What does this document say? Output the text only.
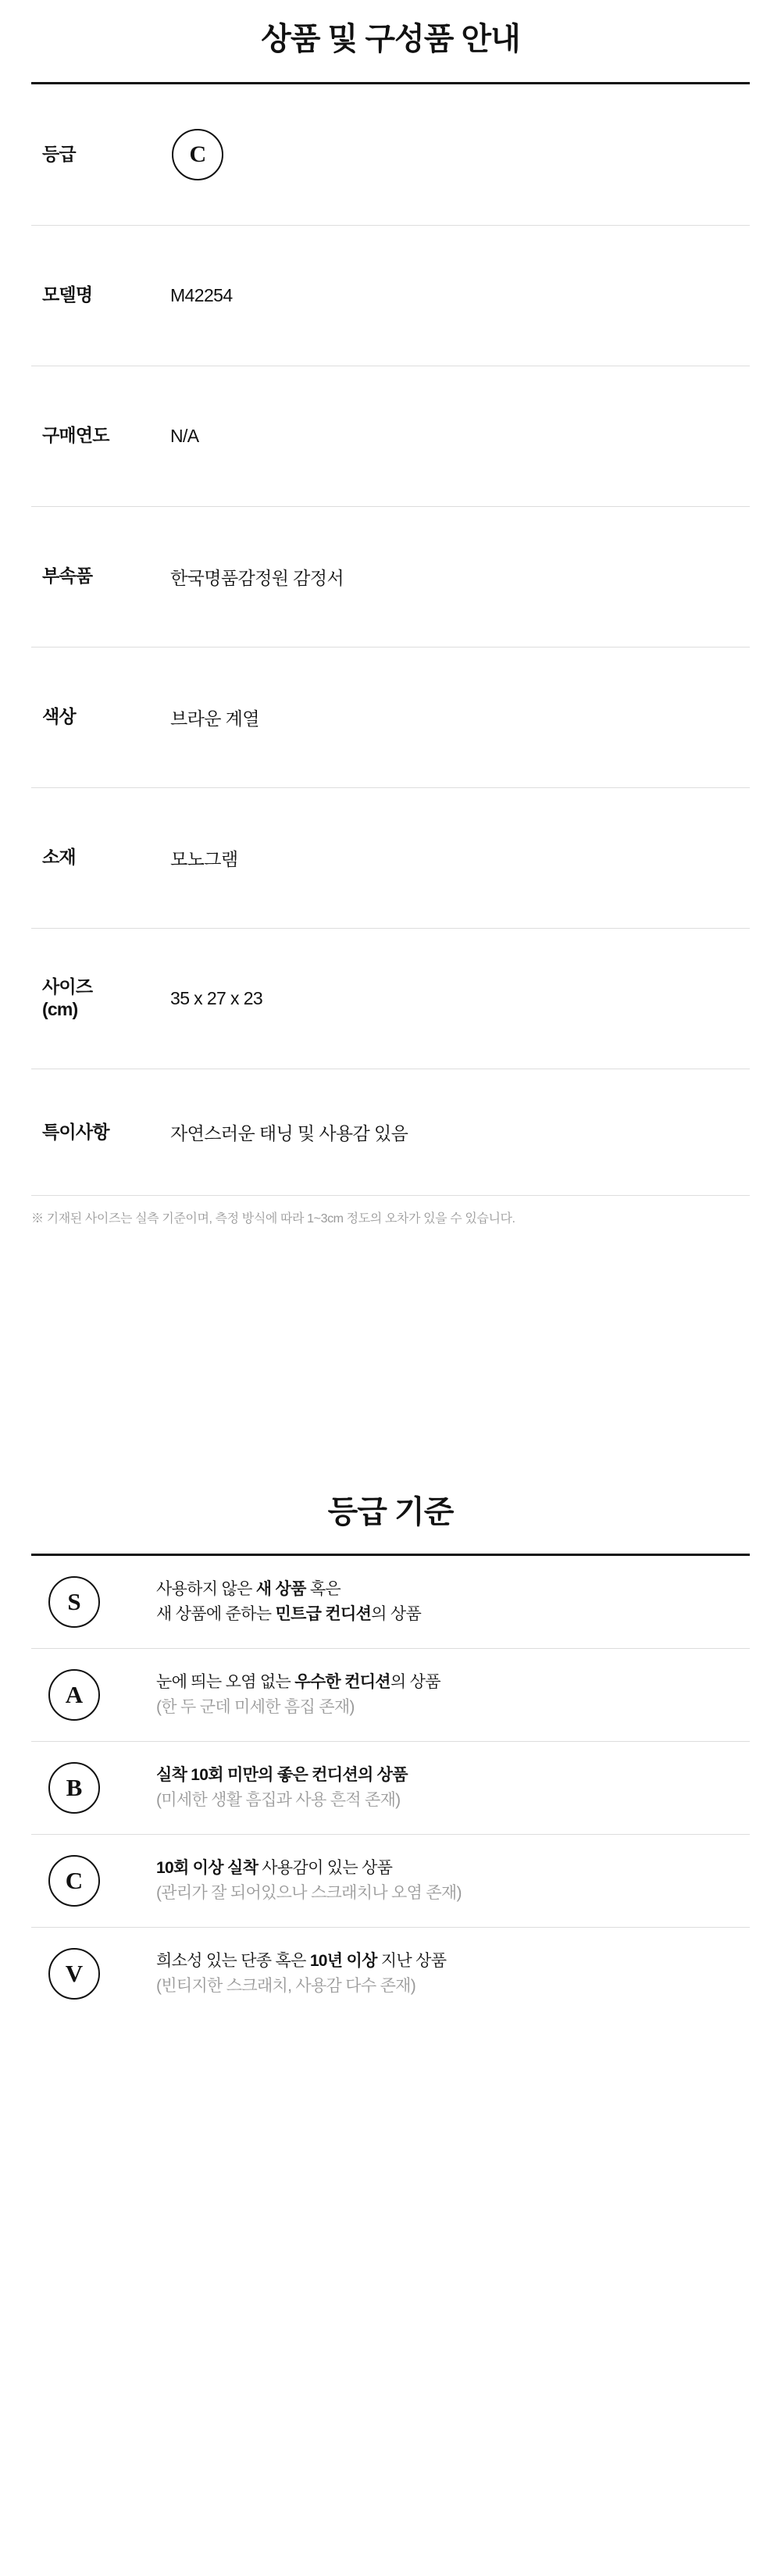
상품 및 구성품 안내
등급	C

모델명	M42254
구매연도	N/A
부속품	한국명품감정원 감정서
색상	브라운 계열
소재	모노그램

사이즈
(cm)	35 x 27 x 23
특이사항	자연스러운 태닝 및 사용감 있음
※ 기재된 사이즈는 실측 기준이며, 측정 방식에 따라 1~3cm 정도의 오차가 있을 수 있습니다.
등급 기준
S	사용하지 않은 새 상품 혹은
새 상품에 준하는 민트급 컨디션의 상품

A	눈에 띄는 오염 없는 우수한 컨디션의 상품
(한 두 군데 미세한 흠집 존재)

B	실착 10회 미만의 좋은 컨디션의 상품
(미세한 생활 흠집과 사용 흔적 존재)

C	10회 이상 실착 사용감이 있는 상품
(관리가 잘 되어있으나 스크래치나 오염 존재)

V	희소성 있는 단종 혹은 10년 이상 지난 상품
(빈티지한 스크래치, 사용감 다수 존재)
